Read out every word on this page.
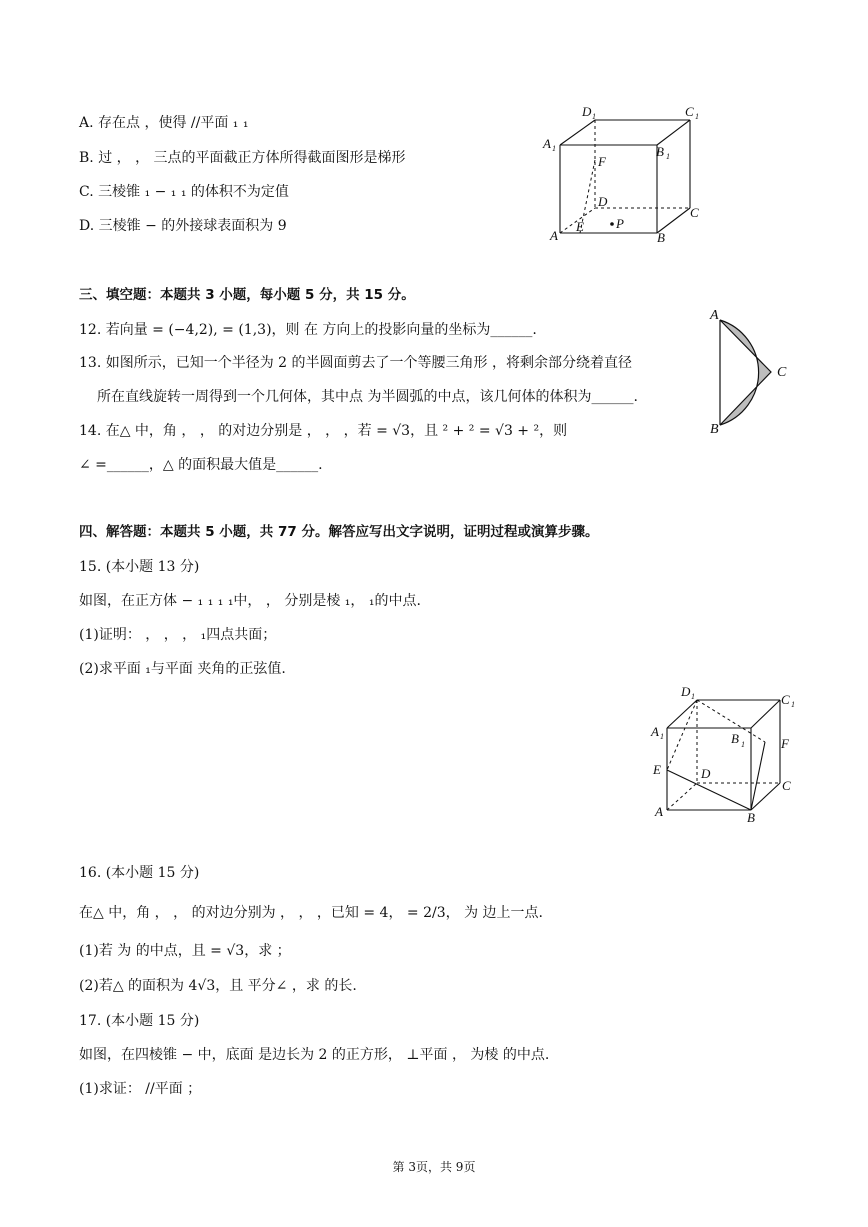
A. 存在点 ，使得 //平面 ₁ ₁
B. 过 ， ， 三点的平面截正方体所得截面图形是梯形
C. 三棱锥 ₁ − ₁ ₁ 的体积不为定值
D. 三棱锥 − 的外接球表面积为 9
D 1	C 1
A 1	B 1
F
D
C
A
E P
B
三、填空题：本题共 3 小题，每小题 5 分，共 15 分。
12. 若向量 = (−4,2), = (1,3)，则 在 方向上的投影向量的坐标为______.
13. 如图所示，已知一个半径为 2 的半圆面剪去了一个等腰三角形 ，将剩余部分绕着直径
所在直线旋转一周得到一个几何体，其中点 为半圆弧的中点，该几何体的体积为______.
14. 在△ 中，角 ， ， 的对边分别是 ， ， ，若 = √3，且 ² + ² = √3 + ²，则
∠ =______，△ 的面积最大值是______.
A
C
B
四、解答题：本题共 5 小题，共 77 分。解答应写出文字说明，证明过程或演算步骤。
15. (本小题 13 分)
如图，在正方体 − ₁ ₁ ₁ ₁中， ， 分别是棱 ₁， ₁的中点.
(1)证明： ， ， ， ₁四点共面；
(2)求平面 ₁与平面 夹角的正弦值.
D 1	C 1
A 1	B 1	F
E	D
C
A	B
16. (本小题 15 分)
在△ 中，角 ， ， 的对边分别为 ， ， ，已知 = 4， = 2/3， 为 边上一点.
(1)若 为 的中点，且 = √3，求 ；
(2)若△ 的面积为 4√3，且 平分∠ ，求 的长.
17. (本小题 15 分)
如图，在四棱锥 − 中，底面 是边长为 2 的正方形， ⊥平面 ， 为棱 的中点.
(1)求证： //平面 ；
第 3页，共 9页
